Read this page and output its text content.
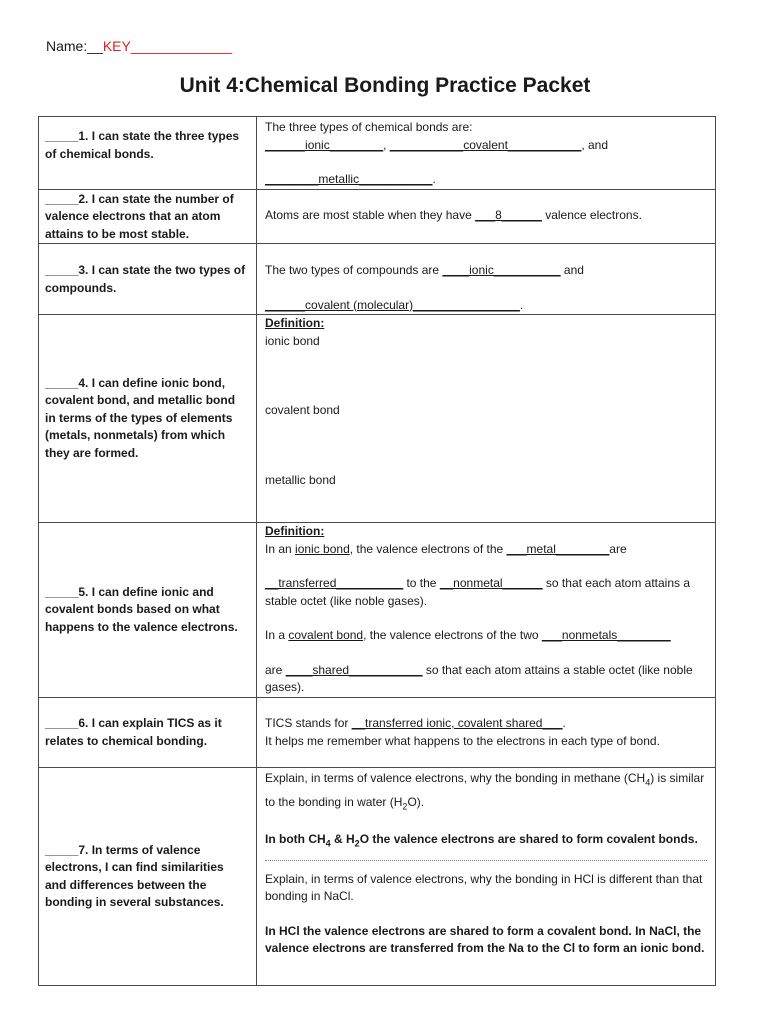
Name:__KEY_____________
Unit 4:Chemical Bonding Practice Packet
_____1. I can state the three types of chemical bonds.	The three types of chemical bonds are:
______ionic________, ___________covalent___________, and
________metallic___________.

_____2. I can state the number of valence electrons that an atom attains to be most stable.	Atoms are most stable when they have ___8______ valence electrons.

_____3. I can state the two types of compounds.	The two types of compounds are ____ionic__________ and
______covalent (molecular)________________.

_____4. I can define ionic bond, covalent bond, and metallic bond in terms of the types of elements (metals, nonmetals) from which they are formed.	Definition:
ionic bond
covalent bond
metallic bond

_____5. I can define ionic and covalent bonds based on what happens to the valence electrons.	Definition:
In an ionic bond, the valence electrons of the ___metal________are
__transferred__________ to the __nonmetal______ so that each atom attains a stable octet (like noble gases).
In a covalent bond, the valence electrons of the two ___nonmetals________
are ____shared___________ so that each atom attains a stable octet (like noble gases).

_____6. I can explain TICS as it relates to chemical bonding.	TICS stands for __transferred ionic, covalent shared___.
It helps me remember what happens to the electrons in each type of bond.

_____7. In terms of valence electrons, I can find similarities and differences between the bonding in several substances.	Explain, in terms of valence electrons, why the bonding in methane $(CH_4)$ is similar to the bonding in water $(H_2O)$.
In both $CH_4$ & $H_2O$ the valence electrons are shared to form covalent bonds.
Explain, in terms of valence electrons, why the bonding in HCl is different than that bonding in NaCl.
In HCl the valence electrons are shared to form a covalent bond. In NaCl, the valence electrons are transferred from the Na to the Cl to form an ionic bond.
